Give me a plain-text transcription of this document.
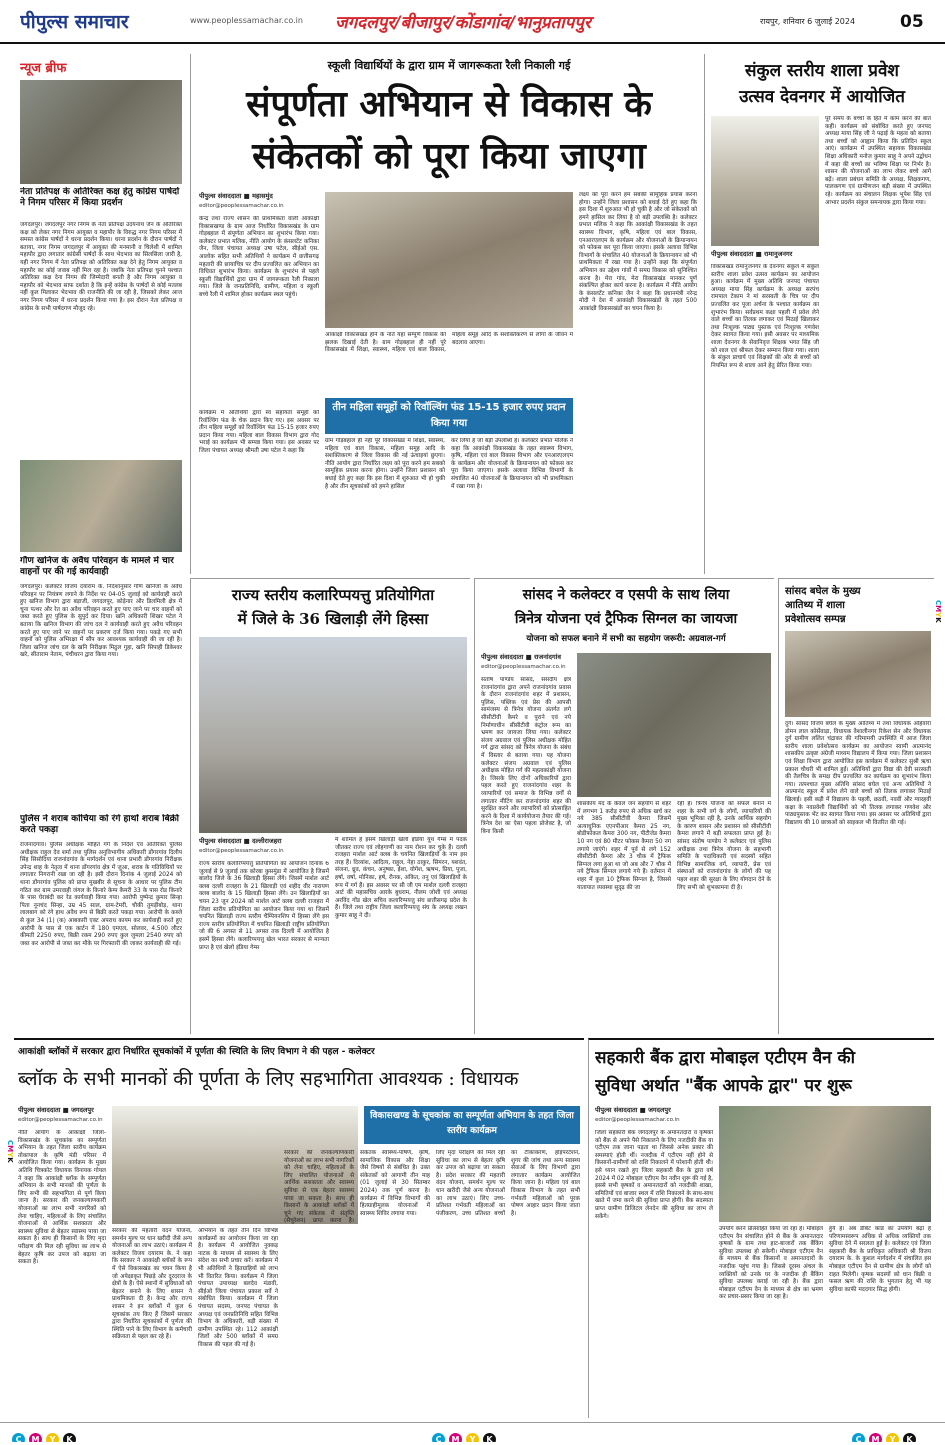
पीपुल्स समाचार	www.peoplessamachar.co.in	जगदलपुर/बीजापुर/कोंडागांव/भानुप्रतापपुर	रायपुर, शनिवार 6 जुलाई 2024	05
न्यूज ब्रीफ
नेता प्रतिपक्ष के अतिरिक्त कक्ष हेतु कांग्रेस पार्षदों ने निगम परिसर में किया प्रदर्शन
जगदलपुर। जगदलपुर नगर निगम के नेता प्रतिपक्ष उदयनाथ जैन के अतिरिक्त कक्ष को लेकर नगर निगम आयुक्त व महापौर के विरुद्ध नगर निगम परिसर में समस्त कांग्रेस पार्षदों ने धरना प्रदर्शन किया। धरना प्रदर्शन के दौरान पार्षदों ने बताया, नगर निगम जगदलपुर में आयुक्त की मनमानी व चिलेशी में शामिल महापौर द्वारा लगातार कांग्रेसी पार्षदों के साथ भेदभाव का सिलसिला जारी है, यही नगर निगम में नेता प्रतिपक्ष को अतिरिक्त कक्ष देने हेतु निगम आयुक्त व महापौर का कोई जवाब नहीं मिल रहा है। जबकि नेता प्रतिपक्ष चुनने पश्चात अतिरिक्त कक्ष देना निगम की जिम्मेदारी बनती है और निगम आयुक्त व महापौर को भेदभाव साफ दर्शाता है कि इन्हें कांग्रेस के पार्षदों से कोई मतलब नहीं कुल मिलाकर भेदभाव की राजनीति की जा रही है, जिसको लेकर आज नगर निगम परिसर में धरना प्रदर्शन किया गया है। इस दौरान नेता प्रतिपक्ष व कांग्रेस के सभी पार्षदगण मौजूद रहे।
गौण खनिज के अवैध परिवहन के मामले में चार वाहनों पर की गई कार्यवाही
जगदलपुर। कलेक्टर विजय दयाराम के. निर्देशानुसार गौण खनिजों के अवैध परिवहन पर नियंत्रण लगाने के निर्देश पर 04-05 जुलाई को कार्यवाही करते हुए खनिज विभाग द्वारा बड़ाजी, जगदलपुर, कोड़ेनार और डिलमिली क्षेत्र में चूना पत्थर और रेत का अवैध परिवहन करते हुए पाए जाने पर चार वाहनों को जब्त करते हुए पुलिस के सुपुर्द कर दिया। खनि अधिकारी शिखर पटेल ने बताया कि खनिज विभाग की जांच दल ने कार्यवाही करते हुए अवैध परिवहन करते हुए पाए जाने पर वाहनों पर प्रकरण दर्ज किया गया। पकड़े गए सभी वाहनों को पुलिस अभिरक्षा में सौंप कर आवश्यक कार्यवाही की जा रही है। जिला खनिज जांच दल के खनि निरीक्षक मिठुल गुहा, खनि सिपाही डिकेश्वर खरे, सीताराम नेताम, पंचीधरन द्वारा किया गया।
पुलिस ने शराब कोचिया को रंगे हाथों शराब बिक्री करते पकड़ा
राजनांदगांव। पुलिस अधीक्षक मोहित गर्ग के निर्देश एवं अतिरिक्त पुलिस अधीक्षक राहुल देव शर्मा तथा पुलिस अनुविभागीय अधिकारी डोंगरगांव दिलीप सिंह सिसोदिया राजनांदगांव के मार्गदर्शन एवं थाना प्रभारी डोंगरगांव निरीक्षक उपेन्द्र शाह के नेतृत्व में थाना डोंगरगांव क्षेत्र में जुआ, शराब के गतिविधियों पर लगातार निगरानी रखा जा रही है। इसी दौरान दिनांक 4 जुलाई 2024 को थाना डोंगरगांव पुलिस को प्राप्त मुखबीर से सूचना के आधार पर पुलिस टीम गठित कर ग्राम उमरवाही जंगल के किनारे केम्प कैमरी 33 के पास रोड किनारे के पास घेराबंदी कर रेड कार्यवाही किया गया। आरोपी पुष्पेन्द्र कुमार सिन्हा पिता नूनचंद सिन्हा, उम्र 45 साल, ग्राम-टेमरी, चौकी तुमड़ीबोड़, थाना लालबाग को रंगे हाथ अवैध रूप से बिक्री करते पकड़ा गया। आरोपी के कब्जे से कुल 34 (1) (क) आबकारी एक्ट अपराध कायम कर कार्यवाही करते हुए आरोपी के पास से एक कार्टन में 180 एमएल, सोलवर, 4.500 लीटर कीमती 2250 रुपए, बिक्री रकम 290 रुपए कुल जुमला 2540 रुपए को जब्त कर आरोपी से जब्त कर मौके पर गिरफ्तारी की जाकर कार्यवाही की गई।
स्कूली विद्यार्थियों के द्वारा ग्राम में जागरूकता रैली निकाली गई
संपूर्णता अभियान से विकास के
संकेतकों को पूरा किया जाएगा
पीपुल्स संवाददाता ■ महासमुंद
editor@peoplessamachar.co.in
केन्द्र तथा राज्य शासन की प्राथमिकता वाली आकांक्षी विकासखण्ड के ग्राम आज निर्धारित विकासखंड के ग्राम गोड़बहाल में संपूर्णता अभियान का शुभारंभ किया गया। कलेक्टर प्रभात मलिक, नीति आयोग के कंसलटेंट कनिका जैन, जिला पंचायत अध्यक्ष उषा पटेल, सीईओ एस. आलोक सहित सभी अतिथियों ने कार्यक्रम में छत्तीसगढ़ महतारी की छायाचित्र पर दीप प्रज्वलित कर अभियान का विधिवत शुभारंभ किया। कार्यक्रम के शुभारंभ से पहले स्कूली विद्यार्थियों द्वारा ग्राम में जागरूकता रैली निकाला गया। जिले के जनप्रतिनिधि, ग्रामीण, महिला व स्कूली बच्चे रैली में शामिल होकर कार्यक्रम स्थल पहुंचे।
कार्यक्रम में अतिथियों द्वारा स्व सहायता समूहों को रिवॉल्विंग फंड के चेक प्रदान किए गए। इस अवसर पर तीन महिला समूहों को रिवॉल्विंग फंड 15-15 हजार रुपए प्रदान किया गया। महिला बाल विकास विभाग द्वारा गोद भराई का कार्यक्रम भी सम्पन्न किया गया। इस अवसर पर जिला पंचायत अध्यक्ष श्रीमती उषा पटेल ने कहा कि
आकांक्षी विकासखंड होने के नाते यहां सम्पूर्ण विकास की झलक दिखाई देती है। ग्राम गोड़बहाल ही नहीं पूरे विकासखंड में शिक्षा, स्वास्थ्य, महिला एवं बाल विकास, महिला समूह आदि के सशक्तिकरण से लोगों के जीवन में बदलाव आएगा।
तीन महिला समूहों को रिवॉल्विंग फंड 15-15 हजार रुपए प्रदान किया गया
ग्राम गोड़बहाल ही नहीं पूरे विकासखंड में शिक्षा, स्वास्थ्य, महिला एवं बाल विकास, महिला समूह आदि के सशक्तिकरण से जिला विकास की नई ऊंचाइयां छुएगा। नीति आयोग द्वारा निर्धारित लक्ष्य को पूरा करने हम सबको सामूहिक प्रयास करना होगा। उन्होंने जिला प्रशासन को बधाई देते हुए कहा कि इस दिशा में शुरुआत भी हो चुकी है और तीन सूचकांकों को हमने हासिल
कर लिया है जो बड़ी उपलब्धि है। कलेक्टर प्रभात मलिक ने कहा कि आकांक्षी विकासखंड के तहत स्वास्थ्य विभाग, कृषि, महिला एवं बाल विकास विभाग और एनआरएलएम के कार्यक्रम और योजनाओं के क्रियान्वयन को फोकस कर पूरा किया जाएगा। इसके अलावा विभिन्न विभागों के संचालित 40 योजनाओं के क्रियान्वयन को भी प्राथमिकता में रखा गया है।
लक्ष्य को पूरा करने हम सबकी सामूहिक प्रयास करना होगा। उन्होंने जिला प्रशासन को बधाई देते हुए कहा कि इस दिशा में शुरुआत भी हो चुकी है और जो संकेतकों को हमने हासिल कर लिया है वो बड़ी उपलब्धि है। कलेक्टर प्रभात मलिक ने कहा कि आकांक्षी विकासखंड के तहत स्वास्थ्य विभाग, कृषि, महिला एवं बाल विकास, एनआरएलएम के कार्यक्रम और योजनाओं के क्रियान्वयन को फोकस कर पूरा किया जाएगा। इसके अलावा विभिन्न विभागों के संचालित 40 योजनाओं के क्रियान्वयन को भी प्राथमिकता में रखा गया है। उन्होंने कहा कि संपूर्णता अभियान का उद्देश्य गांवों में समग्र विकास को सुनिश्चित करना है। मेरा गांव, मेरा विकासखंड मानकर पूर्ण संकल्पित होकर कार्य करना है। कार्यक्रम में नीति आयोग के कंसलटेंट कनिका जैन ने कहा कि प्रधानमंत्री नरेन्द्र मोदी ने देश में आकांक्षी विकासखंडों के तहत 500 आकांक्षी विकासखंडों का चयन किया है।
संकुल स्तरीय शाला प्रवेश
उत्सव देवनगर में आयोजित
पीपुल्स संवाददाता ■ रामानुजनगर
विकासखंड रामानुजनगर के देवनगर संकुल में संकुल स्तरीय शाला प्रवेश उत्सव कार्यक्रम का आयोजन हुआ। कार्यक्रम में मुख्य अतिथि जनपद पंचायत अध्यक्ष माया सिंह कार्यक्रम के अध्यक्ष सरपंच रामपाल टेकाम ने मां सरस्वती के चित्र पर दीप प्रज्वलित कर पूजा अर्चना के पश्चात कार्यक्रम का शुभारंभ किया। सर्वप्रथम कक्षा पहली में प्रवेश लेने वाले बच्चों का तिलक लगाकर एवं मिठाई खिलाकर तथा निःशुल्क पाठ्य पुस्तक एवं निःशुल्क गणवेश देकर स्वागत किया गया। इसी अवसर पर माध्यमिक शाला देवनगर के सेवानिवृत्त शिक्षक भगत सिंह जी को शाल एवं श्रीफल देकर सम्मान किया गया। शाला के संकुल प्राचार्य एवं शिक्षकों की ओर से बच्चों को नियमित रूप से शाला आने हेतु प्रेरित किया गया।
पूरे समय के बच्चों के हित में काम करने की बात कही। कार्यक्रम को संबोधित करते हुए जनपद अध्यक्ष माया सिंह जी ने पढ़ाई के महत्व को बताया तथा बच्चों को आह्वान किया कि प्रतिदिन स्कूल आएं। कार्यक्रम में उपस्थित सहायक विकासखंड शिक्षा अधिकारी मनोज कुमार साहू ने अपने उद्बोधन में कहा की बच्चों का भविष्य शिक्षा पर निर्भर है। शासन की योजनाओं का लाभ लेकर बच्चे आगे बढ़ें। शाला प्रबंधन समिति के अध्यक्ष, शिक्षकगण, पालकगण एवं ग्रामीणजन बड़ी संख्या में उपस्थित रहे। कार्यक्रम का संचालन शिक्षक भूपेश सिंह एवं आभार प्रदर्शन संकुल समन्वयक द्वारा किया गया।
राज्य स्तरीय कलारिप्पयत्तु प्रतियोगिता
में जिले के 36 खिलाड़ी लेंगे हिस्सा
पीपुल्स संवाददाता ■ दल्लीराजहरा
editor@peoplessamachar.co.in
राज्य स्तरीय कलारिप्पयत्तु प्रतियोगिता का आयोजन दिनांक 6 जुलाई से 9 जुलाई तक कोरबा कुसमुंडा में आयोजित है जिसमें बालोद जिले के 36 खिलाड़ी हिस्सा लेंगे। जिसमें मार्शल आर्ट क्लब दल्ली राजहरा के 21 खिलाड़ी एवं शहीद वीर नारायण क्लब बालोद के 15 खिलाड़ी हिस्सा लेंगे। उन खिलाड़ियों का चयन 23 जून 2024 को मार्शल आर्ट क्लब दल्ली राजहरा में जिला स्तरीय प्रतियोगिता का आयोजन किया गया था जिसमें चयनित खिलाड़ी राज्य स्तरीय चैम्पियनशिप में हिस्सा लेंगे इस राज्य स्तरीय प्रतियोगिता में चयनित खिलाड़ी राष्ट्रीय प्रतियोगिता जो की 6 अगस्त से 11 अगस्त तक दिल्ली में आयोजित है इसमें हिस्सा लेंगे। कलारिप्पयत्तु खेल भारत सरकार से मान्यता प्राप्त है एवं खेलो इंडिया गेम्स
में शामिल है इसमें खिलाड़ी खेलो इंडिया यूथ गेम्स में पदक जीतकर राज्य एवं लोहगाणी का नाम रोशन कर चुके हैं। दल्ली राजहरा मार्शल आर्ट क्लब के चयनित खिलाड़ियों के नाम इस तरह हैं। दिव्यांश, आदित्य, राहुल, नेहा ठाकुर, सिमरन, यशवंत, संजना, ध्रुव, कंचन, अनुष्का, ईशा, योगेश, ऋषभ, प्रिया, पूजा, हर्षा, वर्षा, मोनिका, हर्ष, रौनक, अंकित, तनु एवं खिलाड़ियों के रूप में गर्ग हैं। इस अवसर पर सी जी एम मार्शल दल्ली राजहरा आर्ट की महासचिव आरके बुधराम, नीलम जोशी एवं अध्यक्ष अरविंद गोंड खेल सचिव कलारिप्पयत्तु संघ छत्तीसगढ़ प्रदेश के हैं। जिले तथा राष्ट्रीय जिला कलारिप्पयत्तु संघ के अध्यक्ष लखन कुमार साहू ने दी।
सांसद ने कलेक्टर व एसपी के साथ लिया
त्रिनेत्र योजना एवं ट्रैफिक सिग्नल का जायजा
योजना को सफल बनाने में सभी का सहयोग जरूरी: अग्रवाल-गर्ग
पीपुल्स संवाददाता ■ राजनांदगांव
editor@peoplessamachar.co.in
संतोष पाण्डेय सांसद, संसदीय क्षेत्र राजनांदगांव द्वारा अपने राजनांदगांव प्रवास के दौरान राजनांदगांव शहर में प्रशासन, पुलिस, पब्लिक एवं प्रेस की आपसी सामंजस्य से त्रिनेत्र योजना अंतर्गत लगे सीसीटीवी कैमरे व पुराने एवं नये निर्माणाधीन सीसीटीवी कंट्रोल रूम का भ्रमण कर जायजा लिया गया। कलेक्टर संजय अग्रवाल एवं पुलिस अधीक्षक मोहित गर्ग द्वारा सांसद को त्रिनेत्र योजना के संबंध में विस्तार से बताया गया। यह योजना कलेक्टर संजय अग्रवाल एवं पुलिस अधीक्षक मोहित गर्ग की महत्वकांक्षी योजना है। जिसके लिए दोनों अधिकारियों द्वारा पहल करते हुए राजनांदगांव शहर के व्यापारियों एवं समाज के विभिन्न वर्गों से लगातार मीटिंग कर राजनांदगांव शहर की सुरक्षित करने और व्यापारियों को प्रोत्साहित करने के दिशा में कार्ययोजना तैयार की गई। त्रिनेत्र देश का ऐसा पहला प्रोजेक्ट है, जो बिना किसी
शासकीय मद के केवल जन सहयोग से शहर में लगभग 1 करोड़ रुपए से अधिक खर्च कर नये 385 सीसीटीवी कैमरा जिसमें अत्याधुनिक एएनपीआर कैमरा 25 नग, बोडीफोकल कैमरा 300 नग, पीटीजेड कैमरा 10 नग एवं 80 मीटर फोकस कैमरा 50 नग लगाये जाएंगे। शहर में पूर्व से लगे 152 सीसीटीवी कैमरा और 3 चौक में ट्रैफिक सिग्नल लगा हुआ था जो अब और 7 चौक में नये ट्रैफिक सिग्नल लगाये गये हैं। वर्तमान में शहर में कुल 10 ट्रैफिक सिग्नल है, जिससे यातायात व्यवस्था सुदृढ़ की जा
रही है। त्रिनेत्र योजना को सफल बनाने में शहर के सभी वर्ग के लोगों, व्यापारियों की मुख्य भूमिका रही है, उनके आर्थिक सहयोग के कारण शासन और प्रशासन को सीसीटीवी कैमरा लगाने में बड़ी सफलता प्राप्त हुई है। सांसद संतोष पाण्डेय ने कलेक्टर एवं पुलिस अधीक्षक तथा त्रिनेत्र योजना के सहभागी समिति के पदाधिकारी एवं सदस्यों सहित विभिन्न सामाजिक वर्ग, व्यापारी, प्रेस एवं संस्थाओं को राजनांदगांव के लोगों की यह पहल शहर की सुरक्षा के लिए योगदान देने के लिए सभी को शुभकामना दी है।
सांसद बघेल के मुख्य
आतिथ्य में शाला
प्रवेशोत्सव सम्पन्न
दुर्ग। सांसद विजय बघेल के मुख्य आतिथ्य में तथा विधायक अहिवारा डोमन लाल कोर्सेवाड़ा, विधायक वैशालीनगर रिकेश सेन और विधायक दुर्ग ग्रामीण ललित चंद्राकर की गरिमामयी उपस्थिति में आज जिला स्तरीय शाला प्रवेशोत्सव कार्यक्रम का आयोजन स्वामी आत्मानंद शासकीय उत्कृष्ट अंग्रेजी माध्यम विद्यालय में किया गया। जिला प्रशासन एवं शिक्षा विभाग द्वारा आयोजित इस कार्यक्रम में कलेक्टर सुश्री ऋचा प्रकाश चौधरी भी शामिल हुईं। अतिथियों द्वारा विद्या की देवी सरस्वती की तैलचित्र के समक्ष दीप प्रज्वलित कर कार्यक्रम का शुभारंभ किया गया। तत्पश्चात मुख्य अतिथि सांसद बघेल एवं अन्य अतिथियों ने आत्मानंद स्कूल में प्रवेश लेने वाले बच्चों को तिलक लगाकर मिठाई खिलाई। इसी कड़ी में विद्यालय के पहली, छठवीं, नववीं और ग्यारहवीं कक्षा के नवप्रवेशी विद्यार्थियों को भी तिलक लगाकर गणवेश और पाठ्यपुस्तक भेंट कर स्वागत किया गया। इस अवसर पर अतिथियों द्वारा विद्यालय की 10 छात्राओं को साइकल भी वितरित की गई।
CMYK
CMYK
आकांक्षी ब्लॉकों में सरकार द्वारा निर्धारित सूचकांकों में पूर्णता की स्थिति के लिए विभाग ने की पहल - कलेक्टर
ब्लॉक के सभी मानकों की पूर्णता के लिए सहभागिता आवश्यक : विधायक
पीपुल्स संवाददाता ■ जगदलपुर
editor@peoplessamachar.co.in
नीति आयोग के आकांक्षी जिला-विकासखंड के सूचकांक का सम्पूर्णता अभियान के तहत जिला स्तरीय कार्यक्रम तोकापाल के कृषि मंडी परिसर में आयोजित किया गया। कार्यक्रम के मुख्य अतिथि चित्रकोट विधायक विनायक गोयल ने कहा कि आकांक्षी ब्लॉक के सम्पूर्णता अभियान के सभी मानकों की पूर्णता के लिए सभी की सहभागिता से पूर्ण किया जाना है। सरकार की जनकल्याणकारी योजनाओं का लाभ सभी नागरिकों को लेना चाहिए, महिलाओं के लिए संचालित योजनाओं से आर्थिक सशक्तता और स्वास्थ्य सुविधा से बेहतर स्वास्थ्य पाया जा सकता है। साथ ही किसानों के लिए मृदा परीक्षण की मिल रही सुविधा का लाभ से बेहतर कृषि कर उपज को बढ़ाया जा सकता है।
सरकार की महतारी वंदन योजना, समर्थन मूल्य पर धान खरीदी जैसे अन्य योजनाओं का लाभ उठाएं। कार्यक्रम में कलेक्टर विजय दयाराम के. ने कहा कि सरकार ने आकांक्षी ब्लॉकों के रूप में ऐसे विकासखंड का चयन किया है जो अपेक्षाकृत पिछड़े और दूरदराज के क्षेत्रों के हैं। ऐसे स्थानों में सुविधाओं को बेहतर बनाने के लिए शासन ने प्राथमिकता दी है। केन्द्र और राज्य शासन ने इन ब्लॉकों में कुल 6 सूचकांक तय किए हैं जिसमें सरकार द्वारा निर्धारित सूचकांकों में पूर्णता की स्थिति पाने के लिए विभाग के कर्मचारी सक्रियता से पहल कर रहे हैं।
अभियान के तहत तीन दिन विभिन्न कार्यक्रमों का आयोजन किया जा रहा है। कार्यक्रम में आयोजित नुक्कड़ नाटक के माध्यम से स्वास्थ्य के लिए संदेश का सभी प्रचार करें। कार्यक्रम में भी अतिथियों ने हितग्राहियों को लाभ भी वितरित किया। कार्यक्रम में जिला पंचायत उपाध्यक्ष बलदेव मंडावी, सीईओ जिला पंचायत प्रकाश सर्वे ने संबोधित किया। कार्यक्रम में जिला पंचायत सदस्य, जनपद पंचायत के अध्यक्ष एवं जनप्रतिनिधि सहित विभिन्न विभाग के अधिकारी, बड़ी संख्या में ग्रामीण उपस्थित रहे। 112 आकांक्षी जिलों और 500 ब्लॉकों में समग्र विकास की पहल की गई है।
विकासखण्ड के सूचकांक का सम्पूर्णता अभियान के तहत जिला स्तरीय कार्यक्रम
सरकार की जनकल्याणकारी योजनाओं का लाभ सभी नागरिकों को लेना चाहिए, महिलाओं के लिए संचालित योजनाओं से आर्थिक सशक्तता और स्वास्थ्य सुविधा से एक बेहतर स्वास्थ्य पाया जा सकता है। साथ ही किसानों के आकांक्षी ब्लॉकों में चुने गए संकेतक में संतृप्ति (सैचुरेशन) प्राप्त करना है। संकेतक स्वास्थ्य-पोषण, कृषि, सामाजिक विकास और शिक्षा जैसे विषयों से संबंधित है। उक्त संकेतकों को आगामी तीन माह (01 जुलाई से 30 सितम्बर 2024) तक पूर्ण करना है। कार्यक्रम में विभिन्न विभागों की हितग्राहीमूलक योजनाओं में स्वास्थ्य शिविर लगाया गया।
लिए मृदा परीक्षण की मिल रही सुविधा का लाभ से बेहतर कृषि कर उपज को बढ़ाया जा सकता है। प्रदेश सरकार की महतारी वंदन योजना, समर्थन मूल्य पर धान खरीदी जैसे अन्य योजनाओं का लाभ उठाएं। लिए उच्च-प्रतिशत गर्भवती महिलाओं का पंजीकरण, उच्च प्रतिशत बच्चों का टीकाकरण, हाइपरटेंशन, शुगर की जांच तथा अन्य स्वास्थ्य सेवाओं के लिए विभागों द्वारा लगातार कार्यक्रम आयोजित किया जाना है। महिला एवं बाल विकास विभाग के तहत सभी गर्भवती महिलाओं को पूरक पोषण आहार प्रदान किया जाता है।
सहकारी बैंक द्वारा मोबाइल एटीएम वैन की
सुविधा अर्थात "बैंक आपके द्वार" पर शुरू
पीपुल्स संवाददाता ■ जगदलपुर
editor@peoplessamachar.co.in
जिला सहकारी बैंक जगदलपुर के अमानतदारों व कृषकों को बैंक से अपने पैसे निकालने के लिए नजदीकी बैंक या एटीएम तक जाना पड़ता था जिससे अनेक प्रकार की समस्याएं होती थीं। नजदीक में एटीएम नहीं होने से किसानों-ग्रामीणों को राशि निकालने में परेशानी होती थी। इसे ध्यान रखते हुए जिला सहकारी बैंक के द्वारा वर्ष 2024 में 02 मोबाइल एटीएम वैन नवीन शुरू की गई है, इससे सभी कृषकों व अमानतदारों को नजदीकी शाखा, समितियों एवं बाजार स्थल में राशि निकालने के साथ-साथ खाते में जमा करने की सुविधा प्राप्त होगी। बैंक सदस्यता प्राप्त ग्रामीण डिजिटल लेनदेन की सुविधा का लाभ ले सकेंगे।
उपयोग करने प्रोत्साहित किया जा रहा है। मोबाइल एटीएम वैन संचालित होने से बैंक के अमानतदार कृषकों के ग्राम तथा हाट-बाजारों तक बैंकिंग सुविधा उपलब्ध हो सकेगी। मोबाइल एटीएम वैन के माध्यम से बैंक किसानों व अमानतदारों के नजदीक पहुंच गया है। जिससे दूरस्थ अंचल के व्यक्तियों को उनके घर के नजदीक ही बैंकिंग सुविधा उपलब्ध कराई जा रही है। बैंक द्वारा मोबाइल एटीएम वैन के माध्यम से क्षेत्र का भ्रमण कर प्रचार-प्रसार किया जा रहा है।
हुये हैं। अब डेबिट कार्ड का उपयोग बढ़ा है परिणामस्वरूप अधिक से अधिक व्यक्तियों तक सुविधा देने में सरलता हुई है। कलेक्टर एवं जिला सहकारी बैंक के प्राधिकृत अधिकारी श्री विजय दयाराम के. के कुशल मार्गदर्शन में संचालित इस मोबाइल एटीएम वैन से ग्रामीण क्षेत्र के लोगों को राहत मिलेगी। कृषक सदस्यों को धान बिक्री व फसल ऋण की राशि के भुगतान हेतु भी यह सुविधा काफी मददगार सिद्ध होगी।
C M Y K	C M Y K	C M Y K
